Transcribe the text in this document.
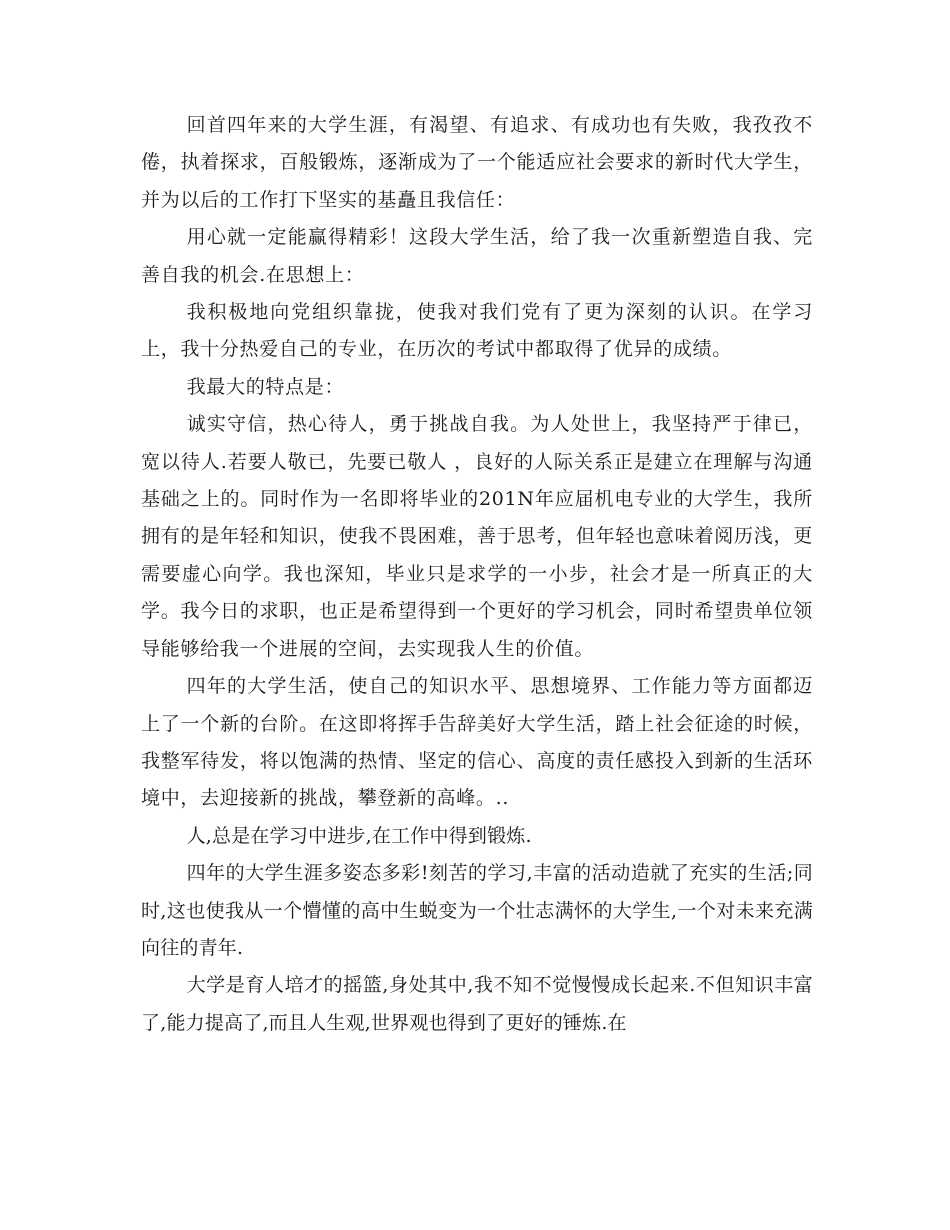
回首四年来的大学生涯，有渴望、有追求、有成功也有失败，我孜孜不倦，执着探求，百般锻炼，逐渐成为了一个能适应社会要求的新时代大学生，并为以后的工作打下坚实的基矗且我信任：

用心就一定能赢得精彩！这段大学生活，给了我一次重新塑造自我、完善自我的机会.在思想上：

我积极地向党组织靠拢，使我对我们党有了更为深刻的认识。在学习上，我十分热爱自己的专业，在历次的考试中都取得了优异的成绩。

我最大的特点是：

诚实守信，热心待人，勇于挑战自我。为人处世上，我坚持严于律已，宽以待人.若要人敬已，先要已敬人 ，良好的人际关系正是建立在理解与沟通基础之上的。同时作为一名即将毕业的201N年应届机电专业的大学生，我所拥有的是年轻和知识，使我不畏困难，善于思考，但年轻也意味着阅历浅，更需要虚心向学。我也深知，毕业只是求学的一小步，社会才是一所真正的大学。我今日的求职，也正是希望得到一个更好的学习机会，同时希望贵单位领导能够给我一个进展的空间，去实现我人生的价值。

四年的大学生活，使自己的知识水平、思想境界、工作能力等方面都迈上了一个新的台阶。在这即将挥手告辞美好大学生活，踏上社会征途的时候，我整军待发，将以饱满的热情、坚定的信心、高度的责任感投入到新的生活环境中，去迎接新的挑战，攀登新的高峰。..

人,总是在学习中进步,在工作中得到锻炼.

四年的大学生涯多姿态多彩!刻苦的学习,丰富的活动造就了充实的生活;同时,这也使我从一个懵懂的高中生蜕变为一个壮志满怀的大学生,一个对未来充满向往的青年.

大学是育人培才的摇篮,身处其中,我不知不觉慢慢成长起来.不但知识丰富了,能力提高了,而且人生观,世界观也得到了更好的锤炼.在
